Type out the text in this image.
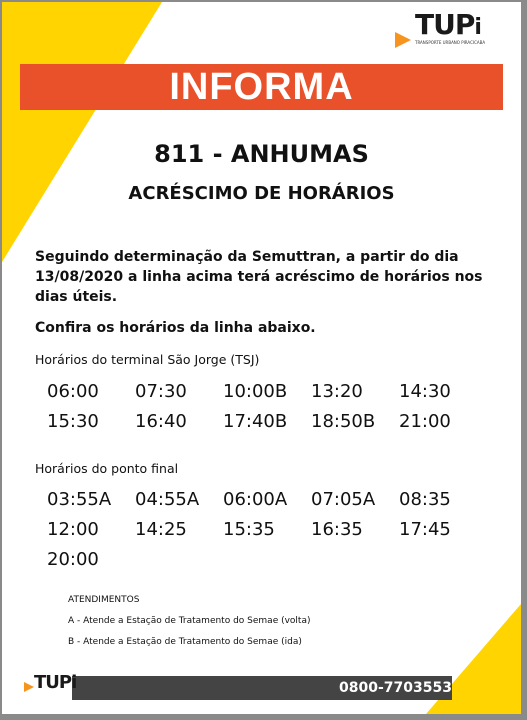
TUPi
TRANSPORTE URBANO PIRACICABA
INFORMA
811 - ANHUMAS
ACRÉSCIMO DE HORÁRIOS
Seguindo determinação da Semuttran, a partir do dia 13/08/2020 a linha acima terá acréscimo de horários nos dias úteis.
Confira os horários da linha abaixo.
Horários do terminal São Jorge (TSJ)
06:00	07:30	10:00B	13:20	14:30
15:30	16:40	17:40B	18:50B	21:00
Horários do ponto final
03:55A	04:55A	06:00A	07:05A	08:35
12:00	14:25	15:35	16:35	17:45
20:00
ATENDIMENTOS
A - Atende a Estação de Tratamento do Semae (volta)
B - Atende a Estação de Tratamento do Semae (ida)
0800-7703553
TUPi
